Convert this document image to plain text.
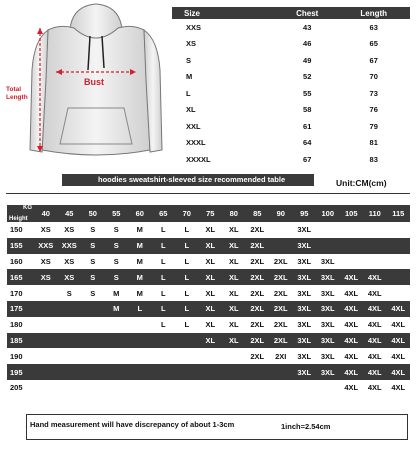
Bust
Total Length
Size	Chest	Length
XXS	43	63
XS	46	65
S	49	67
M	52	70
L	55	73
XL	58	76
XXL	61	79
XXXL	64	81
XXXXL	67	83
hoodies sweatshirt-sleeved size recommended table	Unit:CM(cm)
KG
Height	40	45	50	55	60	65	70	75	80	85	90	95	100	105	110	115
150	XS	XS	S	S	M	L	L	XL	XL	2XL		3XL				
155	XXS	XXS	S	S	M	L	L	XL	XL	2XL		3XL				
160	XS	XS	S	S	M	L	L	XL	XL	2XL	2XL	3XL	3XL			
165	XS	XS	S	S	M	L	L	XL	XL	2XL	2XL	3XL	3XL	4XL	4XL	
170		S	S	M	M	L	L	XL	XL	2XL	2XL	3XL	3XL	4XL	4XL	
175				M	L	L	L	XL	XL	2XL	2XL	3XL	3XL	4XL	4XL	4XL
180						L	L	XL	XL	2XL	2XL	3XL	3XL	4XL	4XL	4XL
185								XL	XL	2XL	2XL	3XL	3XL	4XL	4XL	4XL
190										2XL	2XI	3XL	3XL	4XL	4XL	4XL
195												3XL	3XL	4XL	4XL	4XL
205														4XL	4XL	4XL
Hand measurement will have discrepancy of about 1-3cm	1inch=2.54cm
